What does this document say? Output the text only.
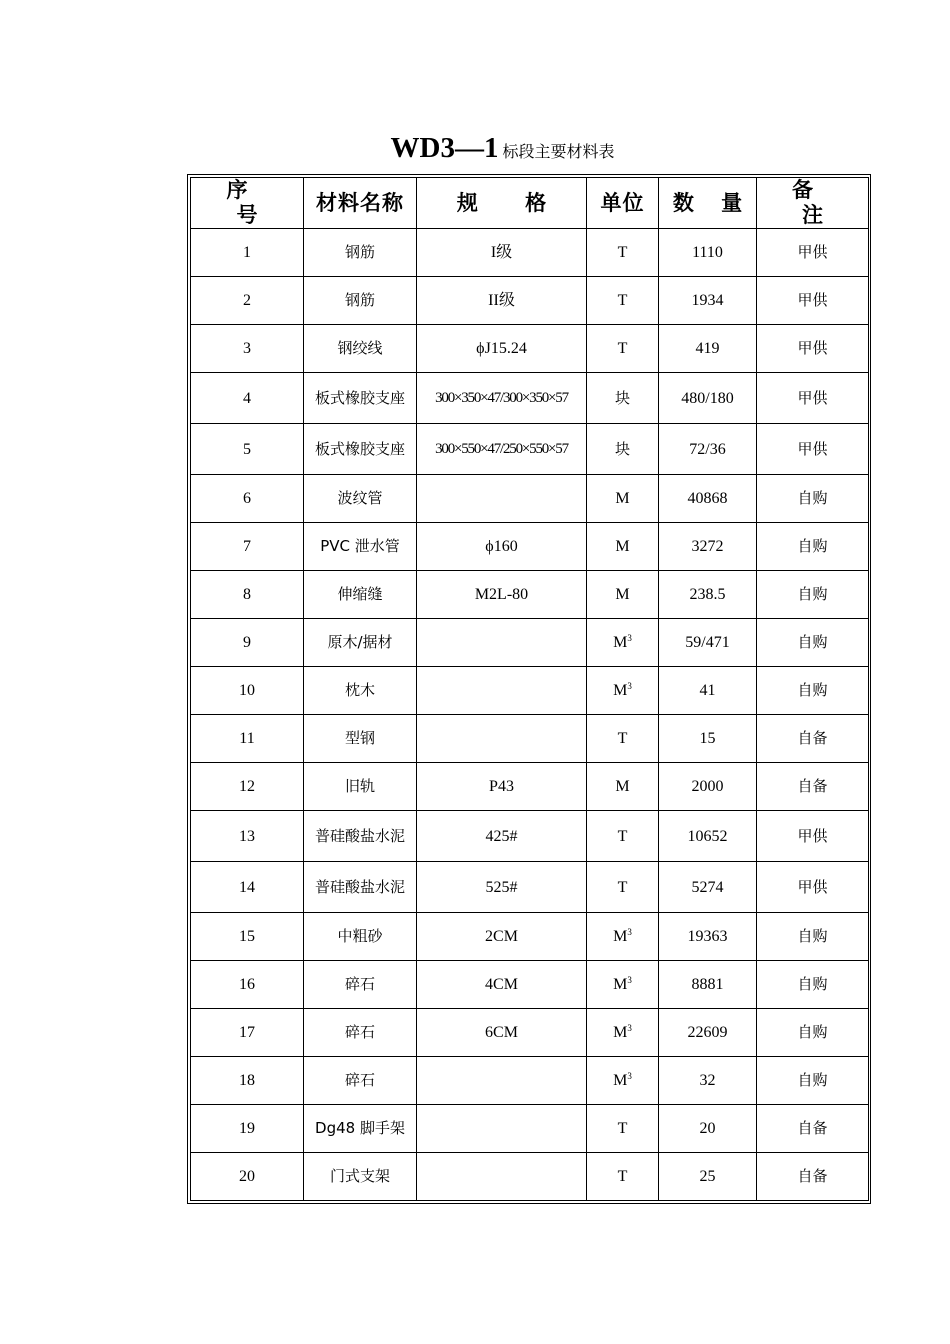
WD3—1 标段主要材料表
序 号	材料名称	规 格	单位	数 量	备 注
1	钢筋	I级	T	1110	甲供
2	钢筋	II级	T	1934	甲供
3	钢绞线	ϕJ15.24	T	419	甲供
4	板式橡胶支座	300×350×47/300×350×57	块	480/180	甲供
5	板式橡胶支座	300×550×47/250×550×57	块	72/36	甲供
6	波纹管		M	40868	自购
7	PVC 泄水管	ϕ160	M	3272	自购
8	伸缩缝	M2L-80	M	238.5	自购
9	原木/据材		$M^3$	59/471	自购
10	枕木		$M^3$	41	自购
11	型钢		T	15	自备
12	旧轨	P43	M	2000	自备
13	普硅酸盐水泥	425#	T	10652	甲供
14	普硅酸盐水泥	525#	T	5274	甲供
15	中粗砂	2CM	$M^3$	19363	自购
16	碎石	4CM	$M^3$	8881	自购
17	碎石	6CM	$M^3$	22609	自购
18	碎石		$M^3$	32	自购
19	Dg48 脚手架		T	20	自备
20	门式支架		T	25	自备
